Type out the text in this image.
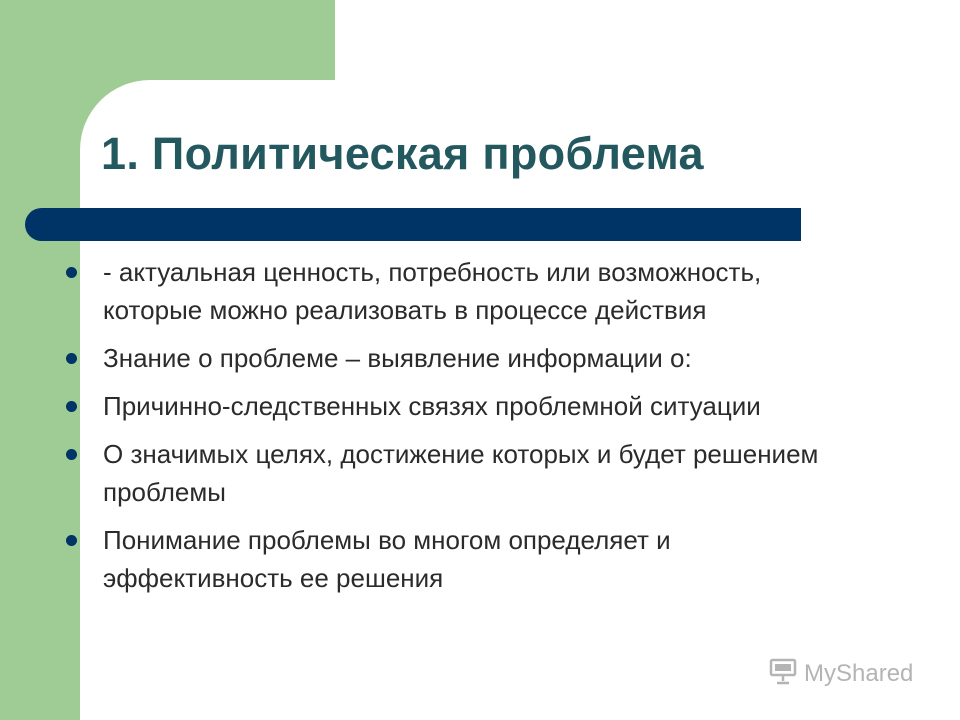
1. Политическая проблема
- актуальная ценность, потребность или возможность, которые можно реализовать в процессе действия
Знание о проблеме – выявление информации о:
Причинно-следственных связях проблемной ситуации
О значимых целях, достижение которых и будет решением проблемы
Понимание проблемы во многом определяет и эффективность ее решения
MyShared
